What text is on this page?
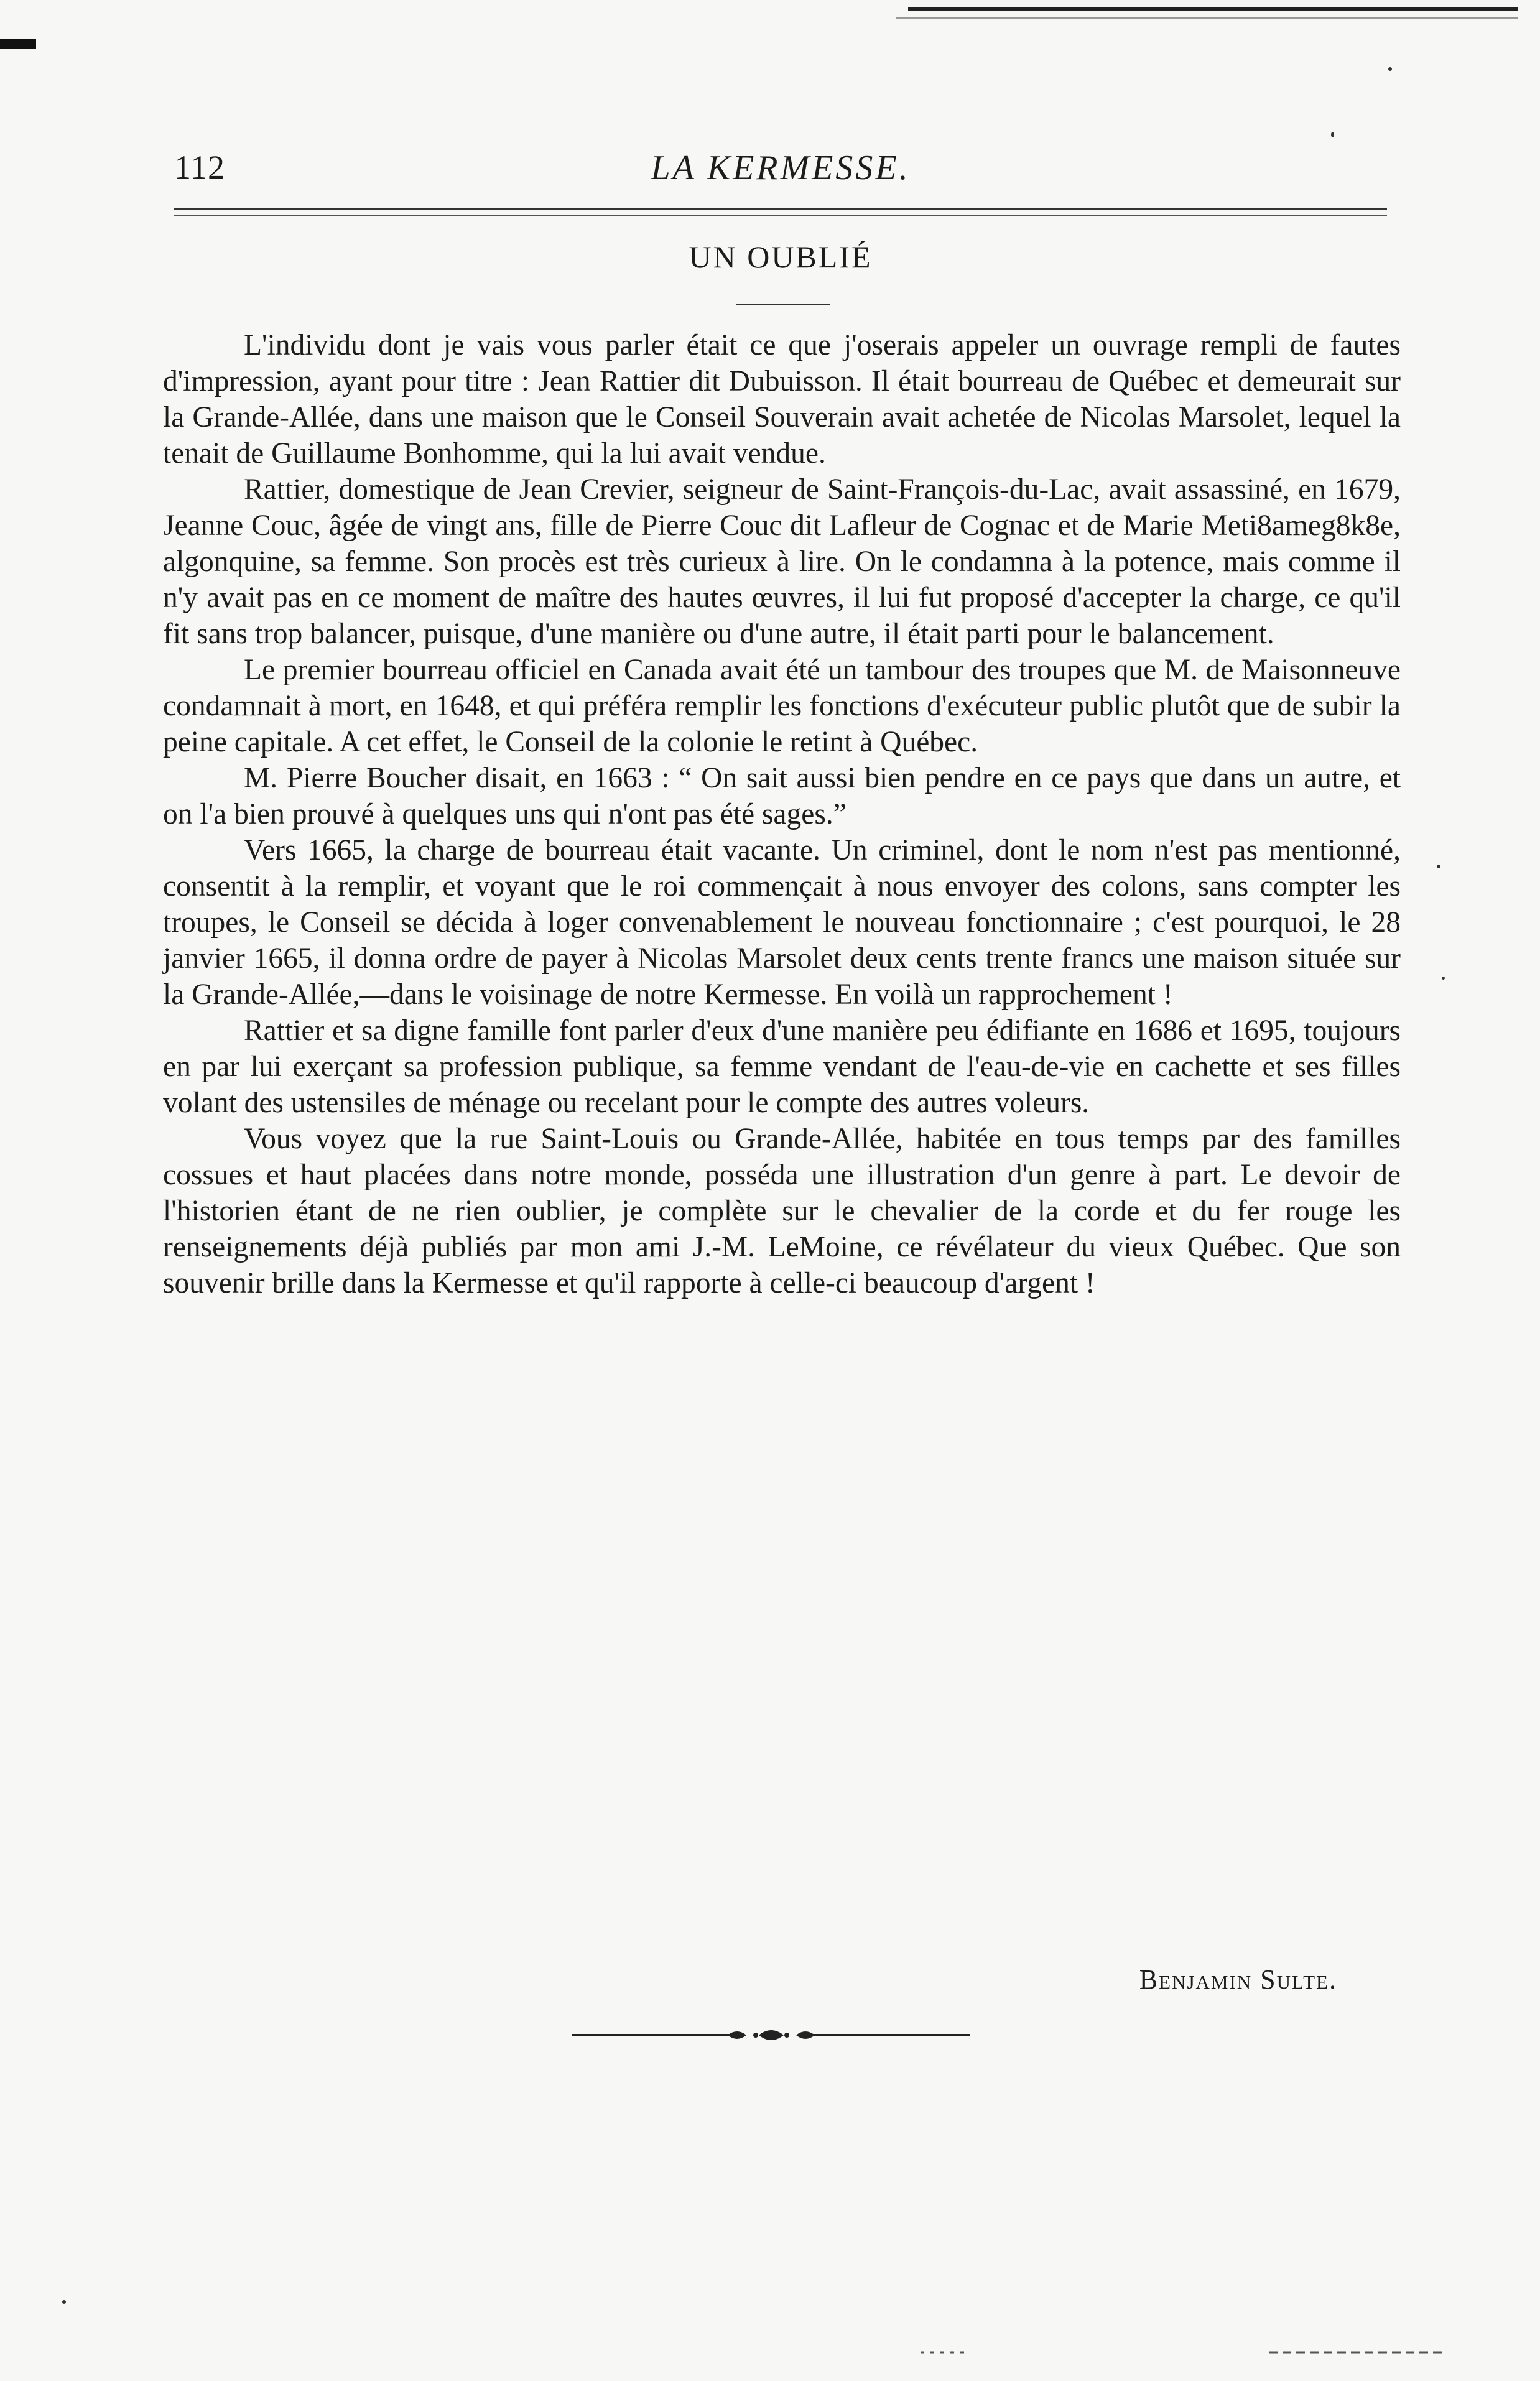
112	LA KERMESSE.
UN OUBLIÉ

L'individu dont je vais vous parler était ce que j'oserais appeler un ouvrage rempli de fautes d'impression, ayant pour titre : Jean Rattier dit Dubuisson. Il était bourreau de Québec et demeurait sur la Grande-Allée, dans une maison que le Conseil Souverain avait achetée de Nicolas Marsolet, lequel la tenait de Guillaume Bonhomme, qui la lui avait vendue.

Rattier, domestique de Jean Crevier, seigneur de Saint-François-du-Lac, avait assassiné, en 1679, Jeanne Couc, âgée de vingt ans, fille de Pierre Couc dit Lafleur de Cognac et de Marie Meti8ameg8k8e, algonquine, sa femme. Son procès est très curieux à lire. On le condamna à la potence, mais comme il n'y avait pas en ce moment de maître des hautes œuvres, il lui fut proposé d'accepter la charge, ce qu'il fit sans trop balancer, puisque, d'une manière ou d'une autre, il était parti pour le balancement.

Le premier bourreau officiel en Canada avait été un tambour des troupes que M. de Maisonneuve condamnait à mort, en 1648, et qui préféra remplir les fonctions d'exécuteur public plutôt que de subir la peine capitale. A cet effet, le Conseil de la colonie le retint à Québec.

M. Pierre Boucher disait, en 1663 : “ On sait aussi bien pendre en ce pays que dans un autre, et on l'a bien prouvé à quelques uns qui n'ont pas été sages.”

Vers 1665, la charge de bourreau était vacante. Un criminel, dont le nom n'est pas mentionné, consentit à la remplir, et voyant que le roi commençait à nous envoyer des colons, sans compter les troupes, le Conseil se décida à loger convenablement le nouveau fonctionnaire ; c'est pourquoi, le 28 janvier 1665, il donna ordre de payer à Nicolas Marsolet deux cents trente francs une maison située sur la Grande-Allée,—dans le voisinage de notre Kermesse. En voilà un rapprochement !

Rattier et sa digne famille font parler d'eux d'une manière peu édifiante en 1686 et 1695, toujours en par lui exerçant sa profession publique, sa femme vendant de l'eau-de-vie en cachette et ses filles volant des ustensiles de ménage ou recelant pour le compte des autres voleurs.

Vous voyez que la rue Saint-Louis ou Grande-Allée, habitée en tous temps par des familles cossues et haut placées dans notre monde, posséda une illustration d'un genre à part. Le devoir de l'historien étant de ne rien oublier, je complète sur le chevalier de la corde et du fer rouge les renseignements déjà publiés par mon ami J.-M. LeMoine, ce révélateur du vieux Québec. Que son souvenir brille dans la Kermesse et qu'il rapporte à celle-ci beaucoup d'argent !

Benjamin Sulte.
